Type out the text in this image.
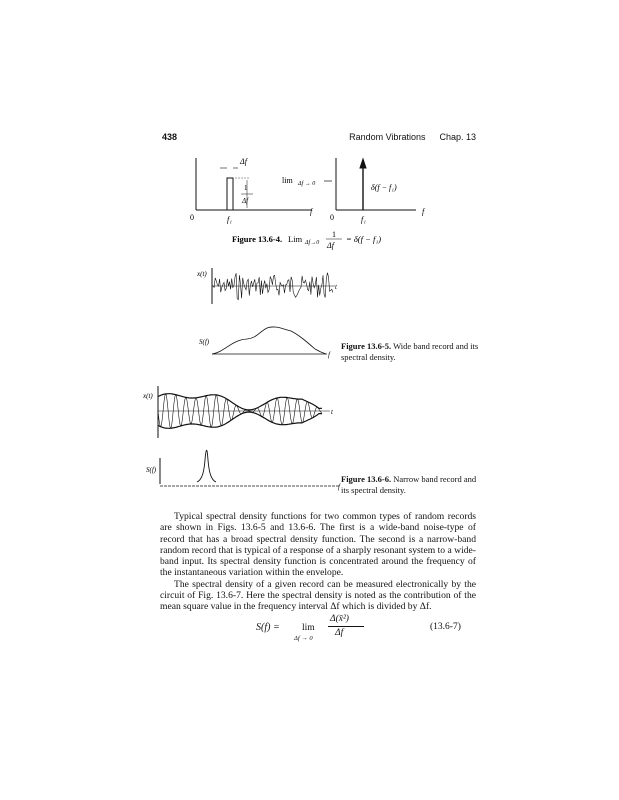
438	Random Vibrations Chap. 13
Δf
1
Δf
0	f₁
f
lim Δf → 0	δ(f − f₁)
0	f₁
f
Figure 13.6-4. Lim Δf→0
1
Δf
= δ(f − f₁)
x(t)
t
S(f)
f
Figure 13.6-5. Wide band record and its spectral density.
x(t)
t
S(f)
f
Figure 13.6-6. Narrow band record and its spectral density.

Typical spectral density functions for two common types of random records are shown in Figs. 13.6-5 and 13.6-6. The first is a wide-band noise-type of record that has a broad spectral density function. The second is a narrow-band random record that is typical of a response of a sharply resonant system to a wide-band input. Its spectral density function is concentrated around the frequency of the instantaneous variation within the envelope.

The spectral density of a given record can be measured electronically by the circuit of Fig. 13.6-7. Here the spectral density is noted as the contribution of the mean square value in the frequency interval Δf which is divided by Δf.

S(f) = lim
Δf → 0
Δ(x̄²)
Δf
(13.6-7)
